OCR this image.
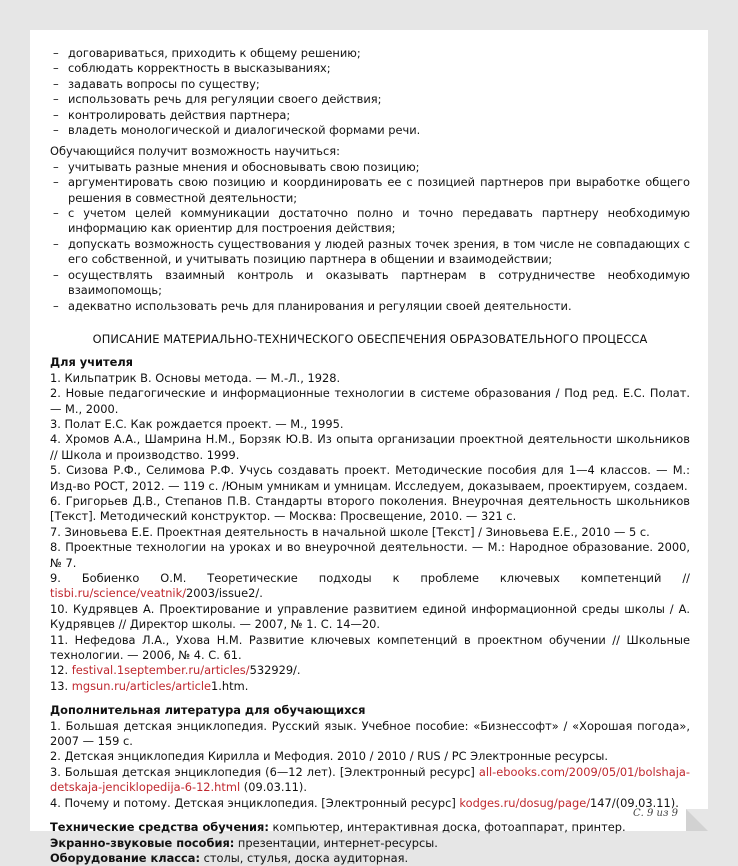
– договариваться, приходить к общему решению;
– соблюдать корректность в высказываниях;
– задавать вопросы по существу;
– использовать речь для регуляции своего действия;
– контролировать действия партнера;
– владеть монологической и диалогической формами речи.

Обучающийся получит возможность научиться:

– учитывать разные мнения и обосновывать свою позицию;
– аргументировать свою позицию и координировать ее с позицией партнеров при выработке общего решения в совместной деятельности;
– с учетом целей коммуникации достаточно полно и точно передавать партнеру необходимую информацию как ориентир для построения действия;
– допускать возможность существования у людей разных точек зрения, в том числе не совпадающих с его собственной, и учитывать позицию партнера в общении и взаимодействии;
– осуществлять взаимный контроль и оказывать партнерам в сотрудничестве необходимую взаимопомощь;
– адекватно использовать речь для планирования и регуляции своей деятельности.
ОПИСАНИЕ МАТЕРИАЛЬНО-ТЕХНИЧЕСКОГО ОБЕСПЕЧЕНИЯ ОБРАЗОВАТЕЛЬНОГО ПРОЦЕССА
Для учителя

1. Кильпатрик В. Основы метода. — М.-Л., 1928.

2. Новые педагогические и информационные технологии в системе образования / Под ред. Е.С. Полат. — М., 2000.

3. Полат Е.С. Как рождается проект. — М., 1995.

4. Хромов А.А., Шамрина Н.М., Борзяк Ю.В. Из опыта организации проектной деятельности школьников // Школа и производство. 1999.

5. Сизова Р.Ф., Селимова Р.Ф. Учусь создавать проект. Методические пособия для 1—4 классов. — М.: Изд-во РОСТ, 2012. — 119 с. /Юным умникам и умницам. Исследуем, доказываем, проектируем, создаем.

6. Григорьев Д.В., Степанов П.В. Стандарты второго поколения. Внеурочная деятельность школьников [Текст]. Методический конструктор. — Москва: Просвещение, 2010. — 321 с.

7. Зиновьева Е.Е. Проектная деятельность в начальной школе [Текст] / Зиновьева Е.Е., 2010 — 5 с.

8. Проектные технологии на уроках и во внеурочной деятельности. — М.: Народное образование. 2000, № 7.

9. Бобиенко О.М. Теоретические подходы к проблеме ключевых компетенций // tisbi.ru/science/veatnik/2003/issue2/.

10. Кудрявцев А. Проектирование и управление развитием единой информационной среды школы / А. Кудрявцев // Директор школы. — 2007, № 1. С. 14—20.

11. Нефедова Л.А., Ухова Н.М. Развитие ключевых компетенций в проектном обучении // Школьные технологии. — 2006, № 4. С. 61.

12. festival.1september.ru/articles/532929/.

13. mgsun.ru/articles/article1.htm.

Дополнительная литература для обучающихся

1. Большая детская энциклопедия. Русский язык. Учебное пособие: «Бизнессофт» / «Хорошая погода», 2007 — 159 с.

2. Детская энциклопедия Кирилла и Мефодия. 2010 / 2010 / RUS / PC Электронные ресурсы.

3. Большая детская энциклопедия (6—12 лет). [Электронный ресурс] all-ebooks.com/2009/05/01/bolshaja-detskaja-jenciklopedija-6-12.html (09.03.11).

4. Почему и потому. Детская энциклопедия. [Электронный ресурс] kodges.ru/dosug/page/147/(09.03.11).

Технические средства обучения: компьютер, интерактивная доска, фотоаппарат, принтер.

Экранно-звуковые пособия: презентации, интернет-ресурсы.

Оборудование класса: столы, стулья, доска аудиторная.

С. 9 из 9
